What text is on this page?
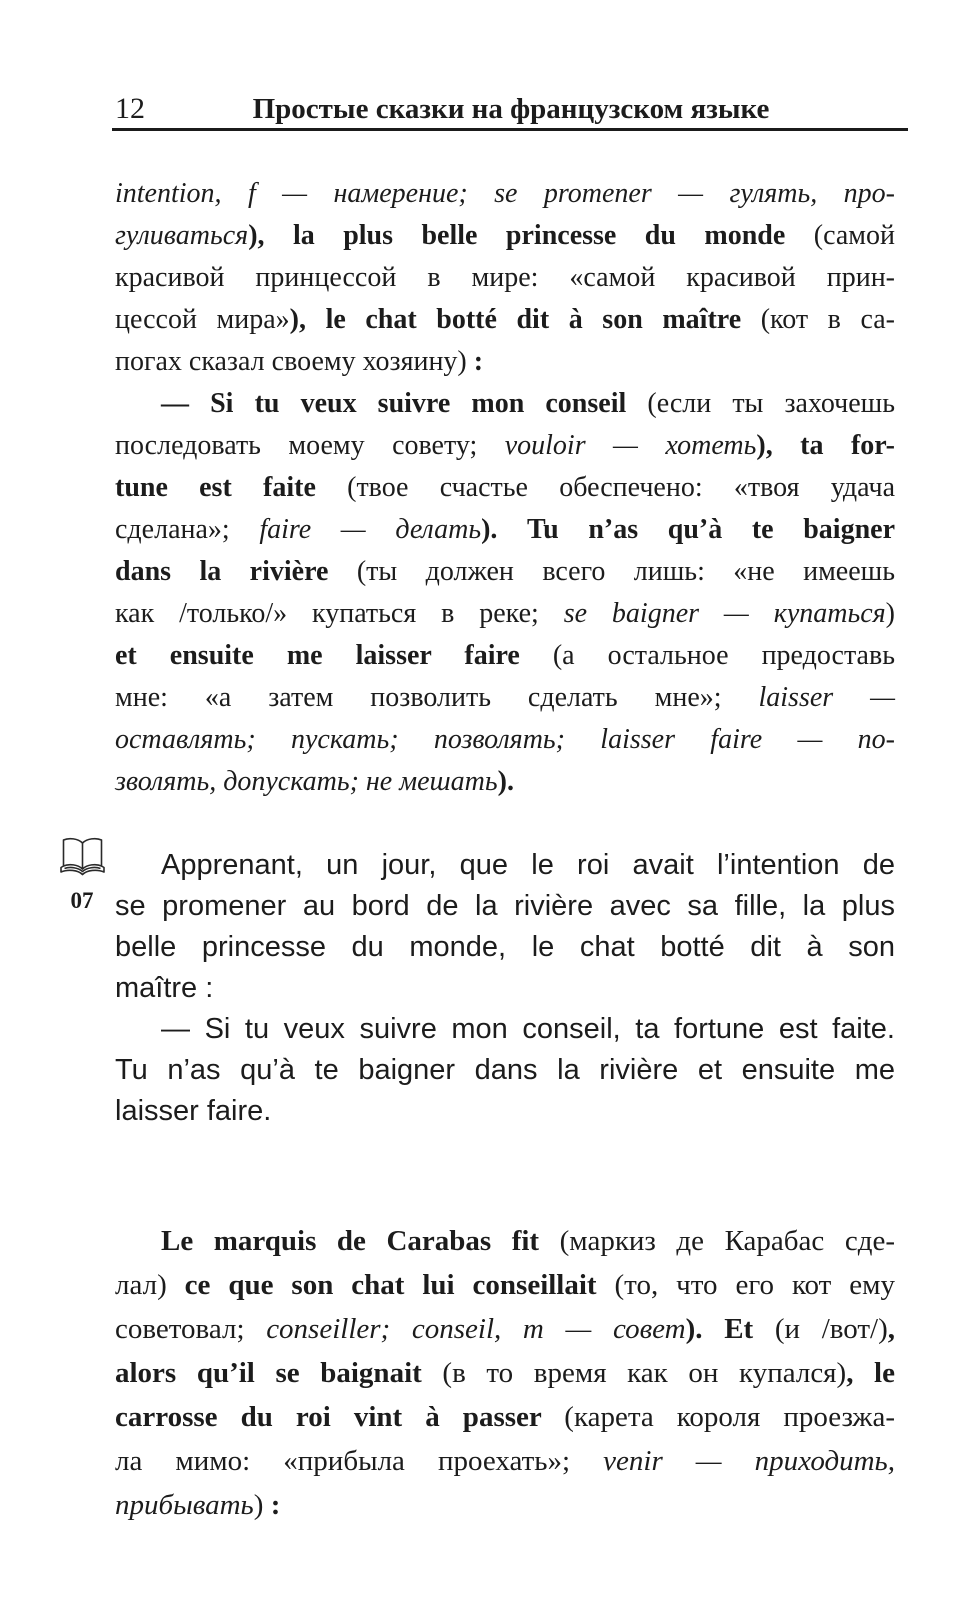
12	Простые сказки на французском языке
07
intention, f — намерение; se promener — гулять, про-
гуливаться), la plus belle princesse du monde (самой
красивой принцессой в мире: «самой красивой прин-
цессой мира»), le chat botté dit à son maître (кот в са-
погах сказал своему хозяину) :
— Si tu veux suivre mon conseil (если ты захочешь
последовать моему совету; vouloir — хотеть), ta for-
tune est faite (твое счастье обеспечено: «твоя удача
сделана»; faire — делать). Tu n’as qu’à te baigner
dans la rivière (ты должен всего лишь: «не имеешь
как /только/» купаться в реке; se baigner — купаться)
et ensuite me laisser faire (а остальное предоставь
мне: «а затем позволить сделать мне»; laisser —
оставлять; пускать; позволять; laisser faire — по-
зволять, допускать; не мешать).
Apprenant, un jour, que le roi avait l’intention de
se promener au bord de la rivière avec sa fille, la plus
belle princesse du monde, le chat botté dit à son
maître :
— Si tu veux suivre mon conseil, ta fortune est faite.
Tu n’as qu’à te baigner dans la rivière et ensuite me
laisser faire.
Le marquis de Carabas fit (маркиз де Карабас сде-
лал) ce que son chat lui conseillait (то, что его кот ему
советовал; conseiller; conseil, m — совет). Et (и /вот/),
alors qu’il se baignait (в то время как он купался), le
carrosse du roi vint à passer (карета короля проезжа-
ла мимо: «прибыла проехать»; venir — приходить,
прибывать) :
